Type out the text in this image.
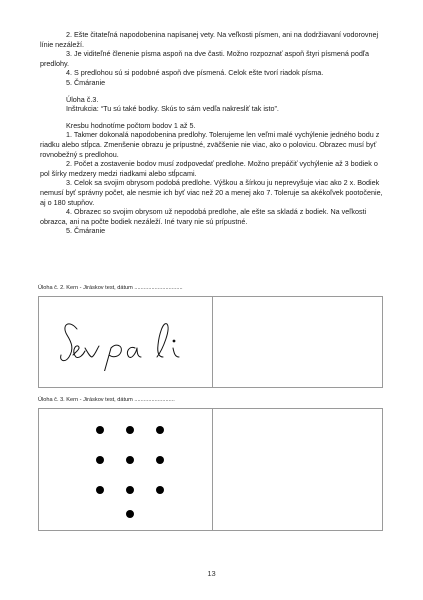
2. Ešte čitateľná napodobenina napísanej vety. Na veľkosti písmen, ani na dodržiavaní vodorovnej línie nezáleží.

3. Je viditeľné členenie písma aspoň na dve časti. Možno rozpoznať aspoň štyri písmená podľa predlohy.

4. S predlohou sú si podobné aspoň dve písmená. Celok ešte tvorí riadok písma.

5. Čmáranie

Úloha č.3.

Inštrukcia: “Tu sú také bodky. Skús to sám vedľa nakresliť tak isto”.

Kresbu hodnotíme počtom bodov 1 až 5.

1. Takmer dokonalá napodobenina predlohy. Tolerujeme len veľmi malé vychýlenie jedného bodu z riadku alebo stĺpca. Zmenšenie obrazu je prípustné, zväčšenie nie viac, ako o polovicu. Obrazec musí byť rovnobežný s predlohou.

2. Počet a zostavenie bodov musí zodpovedať predlohe. Možno prepáčiť vychýlenie až 3 bodiek o pol šírky medzery medzi riadkami alebo stĺpcami.

3. Celok sa svojim obrysom podobá predlohe. Výškou a šírkou ju neprevyšuje viac ako 2 x. Bodiek nemusí byť správny počet, ale nesmie ich byť viac než 20 a menej ako 7. Toleruje sa akékoľvek pootočenie, aj o 180 stupňov.

4. Obrazec so svojim obrysom už nepodobá predlohe, ale ešte sa skladá z bodiek. Na veľkosti obrazca, ani na počte bodiek nezáleží. Iné tvary nie sú prípustné.

5. Čmáranie

Úloha č. 2. Kern - Jiráskov test, dátum ...............................
Úloha č. 3. Kern - Jiráskov test, dátum ..........................
13
